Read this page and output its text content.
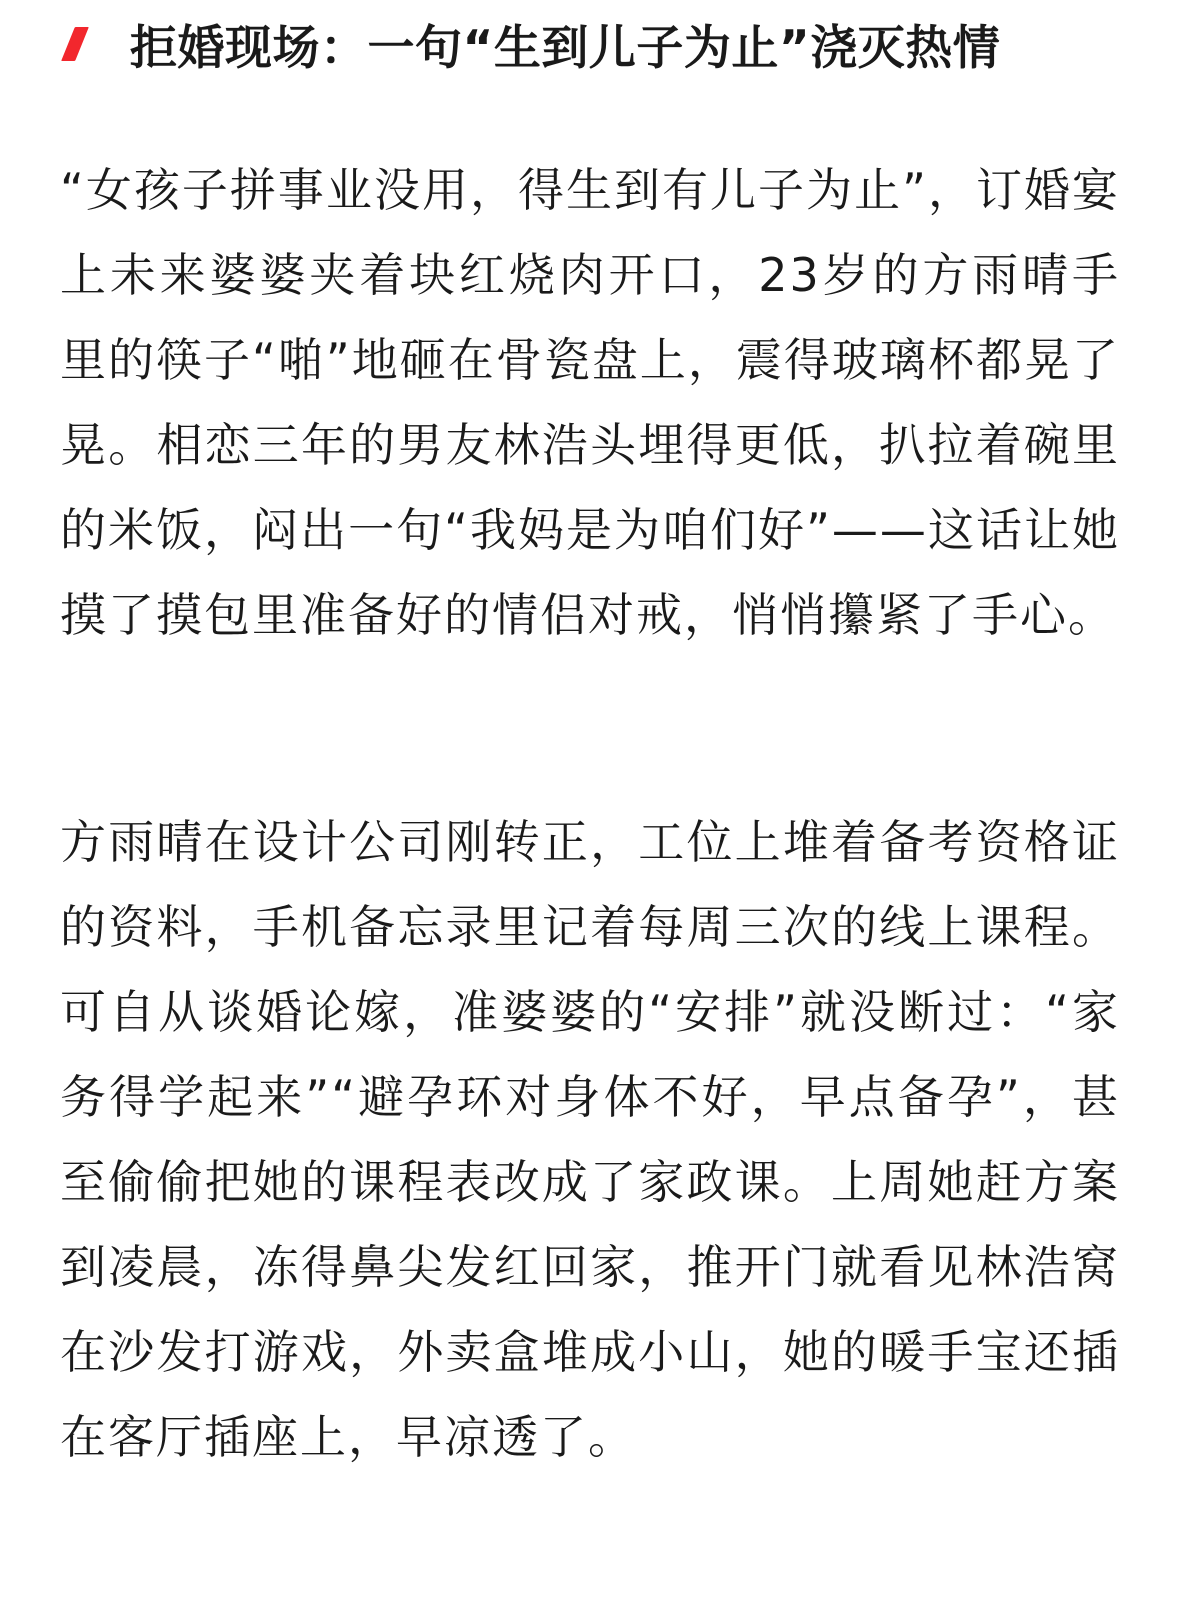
拒婚现场：一句“生到儿子为止”浇灭热情

“女孩子拼事业没用，得生到有儿子为止”，订婚宴上未来婆婆夹着块红烧肉开口，23岁的方雨晴手里的筷子“啪”地砸在骨瓷盘上，震得玻璃杯都晃了晃。相恋三年的男友林浩头埋得更低，扒拉着碗里的米饭，闷出一句“我妈是为咱们好”——这话让她摸了摸包里准备好的情侣对戒，悄悄攥紧了手心。

方雨晴在设计公司刚转正，工位上堆着备考资格证的资料，手机备忘录里记着每周三次的线上课程。可自从谈婚论嫁，准婆婆的“安排”就没断过：“家务得学起来”“避孕环对身体不好，早点备孕”，甚至偷偷把她的课程表改成了家政课。上周她赶方案到凌晨，冻得鼻尖发红回家，推开门就看见林浩窝在沙发打游戏，外卖盒堆成小山，她的暖手宝还插在客厅插座上，早凉透了。
